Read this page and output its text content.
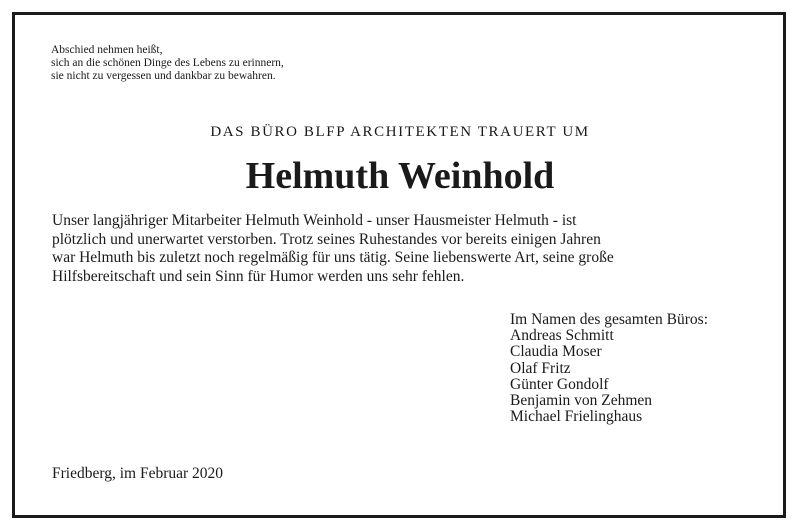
Abschied nehmen heißt,
sich an die schönen Dinge des Lebens zu erinnern,
sie nicht zu vergessen und dankbar zu bewahren.
DAS BÜRO BLFP ARCHITEKTEN TRAUERT UM
Helmuth Weinhold
Unser langjähriger Mitarbeiter Helmuth Weinhold - unser Hausmeister Helmuth - ist
plötzlich und unerwartet verstorben. Trotz seines Ruhestandes vor bereits einigen Jahren
war Helmuth bis zuletzt noch regelmäßig für uns tätig. Seine liebenswerte Art, seine große
Hilfsbereitschaft und sein Sinn für Humor werden uns sehr fehlen.
Im Namen des gesamten Büros:
Andreas Schmitt
Claudia Moser
Olaf Fritz
Günter Gondolf
Benjamin von Zehmen
Michael Frielinghaus
Friedberg, im Februar 2020
